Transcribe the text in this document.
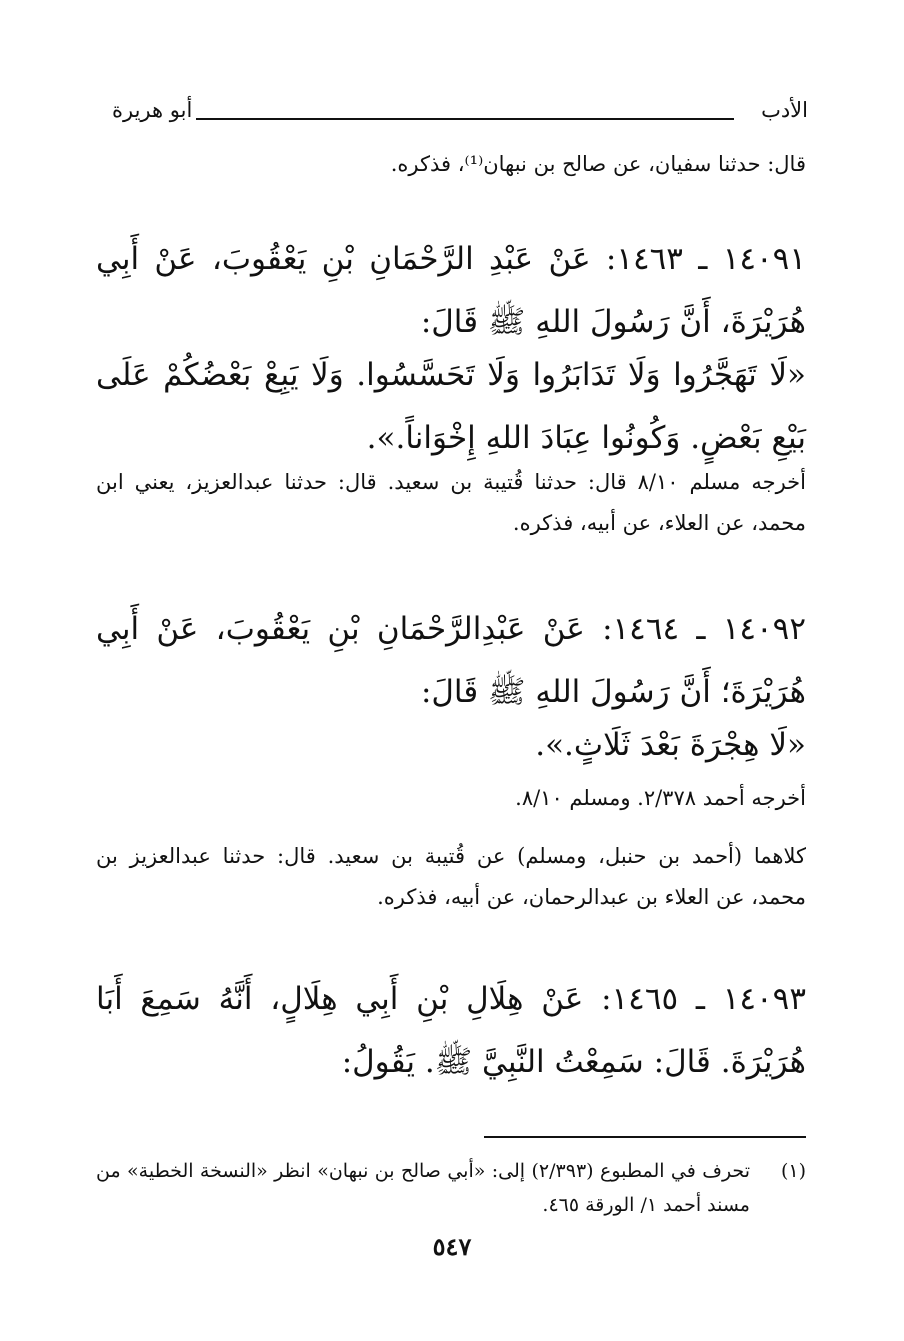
الأدب
أبو هريرة

قال: حدثنا سفيان، عن صالح بن نبهان⁽¹⁾، فذكره.

١٤٠٩١ ـ ١٤٦٣: عَنْ عَبْدِ الرَّحْمَانِ بْنِ يَعْقُوبَ، عَنْ أَبِي هُرَيْرَةَ، أَنَّ رَسُولَ اللهِ ﷺ قَالَ:

«لَا تَهَجَّرُوا وَلَا تَدَابَرُوا وَلَا تَحَسَّسُوا. وَلَا يَبِعْ بَعْضُكُمْ عَلَى بَيْعِ بَعْضٍ. وَكُونُوا عِبَادَ اللهِ إِخْوَاناً.».

أخرجه مسلم ٨/١٠ قال: حدثنا قُتيبة بن سعيد. قال: حدثنا عبدالعزيز، يعني ابن محمد، عن العلاء، عن أبيه، فذكره.

١٤٠٩٢ ـ ١٤٦٤: عَنْ عَبْدِالرَّحْمَانِ بْنِ يَعْقُوبَ، عَنْ أَبِي هُرَيْرَةَ؛ أَنَّ رَسُولَ اللهِ ﷺ قَالَ:

«لَا هِجْرَةَ بَعْدَ ثَلَاثٍ.».

أخرجه أحمد ٢/٣٧٨. ومسلم ٨/١٠.

كلاهما (أحمد بن حنبل، ومسلم) عن قُتيبة بن سعيد. قال: حدثنا عبدالعزيز بن محمد، عن العلاء بن عبدالرحمان، عن أبيه، فذكره.

١٤٠٩٣ ـ ١٤٦٥: عَنْ هِلَالِ بْنِ أَبِي هِلَالٍ، أَنَّهُ سَمِعَ أَبَا هُرَيْرَةَ. قَالَ: سَمِعْتُ النَّبِيَّ ﷺ. يَقُولُ:

(١)
تحرف في المطبوع (٢/٣٩٣) إلى: «أبي صالح بن نبهان» انظر «النسخة الخطية» من مسند أحمد ١/ الورقة ٤٦٥.
٥٤٧
